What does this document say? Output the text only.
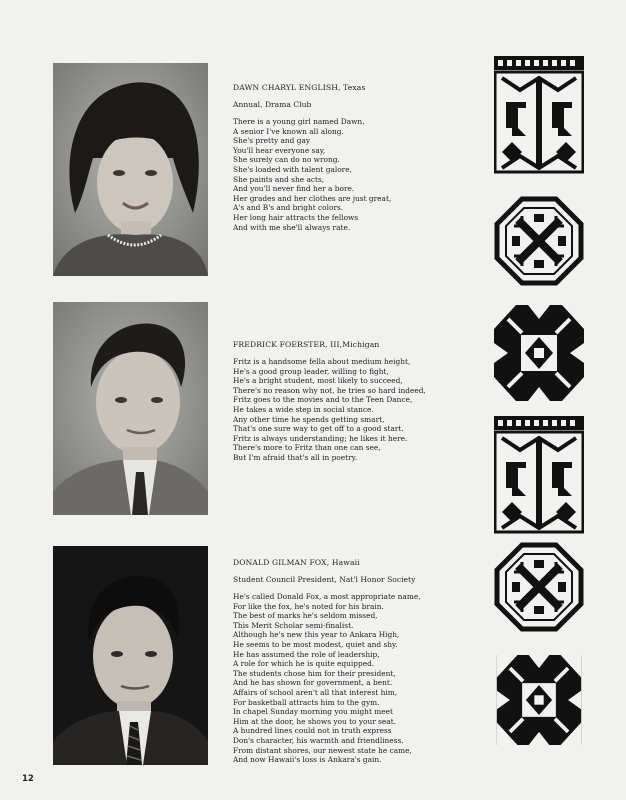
DAWN CHARYL ENGLISH, Texas
Annual, Drama Club
There is a young girl named Dawn,
A senior I've known all along.
She's pretty and gay
You'll hear everyone say,
She surely can do no wrong.
She's loaded with talent galore,
She paints and she acts,
And you'll never find her a bore.
Her grades and her clothes are just great,
A's and B's and bright colors.
Her long hair attracts the fellows
And with me she'll always rate.
FREDRICK FOERSTER, III,Michigan
Fritz is a handsome fella about medium height,
He's a good group leader, willing to fight,
He's a bright student, most likely to succeed,
There's no reason why not, he tries so hard indeed,
Fritz goes to the movies and to the Teen Dance,
He takes a wide step in social stance.
Any other time he spends getting smart,
That's one sure way to get off to a good start.
Fritz is always understanding; he likes it here.
There's more to Fritz than one can see,
But I'm afraid that's all in poetry.
DONALD GILMAN FOX, Hawaii
Student Council President, Nat'l Honor Society
He's called Donald Fox, a most appropriate name,
For like the fox, he's noted for his brain.
The best of marks he's seldom missed,
This Merit Scholar semi-finalist.
Although he's new this year to Ankara High,
He seems to be most modest, quiet and shy.
He has assumed the role of leadership,
A role for which he is quite equipped.
The students chose him for their president,
And he has shown for government, a bent.
Affairs of school aren't all that interest him,
For basketball attracts him to the gym.
In chapel Sunday morning you might meet
Him at the door, he shows you to your seat.
A hundred lines could not in truth express
Don's character, his warmth and friendliness.
From distant shores, our newest state he came,
And now Hawaii's loss is Ankara's gain.
12
